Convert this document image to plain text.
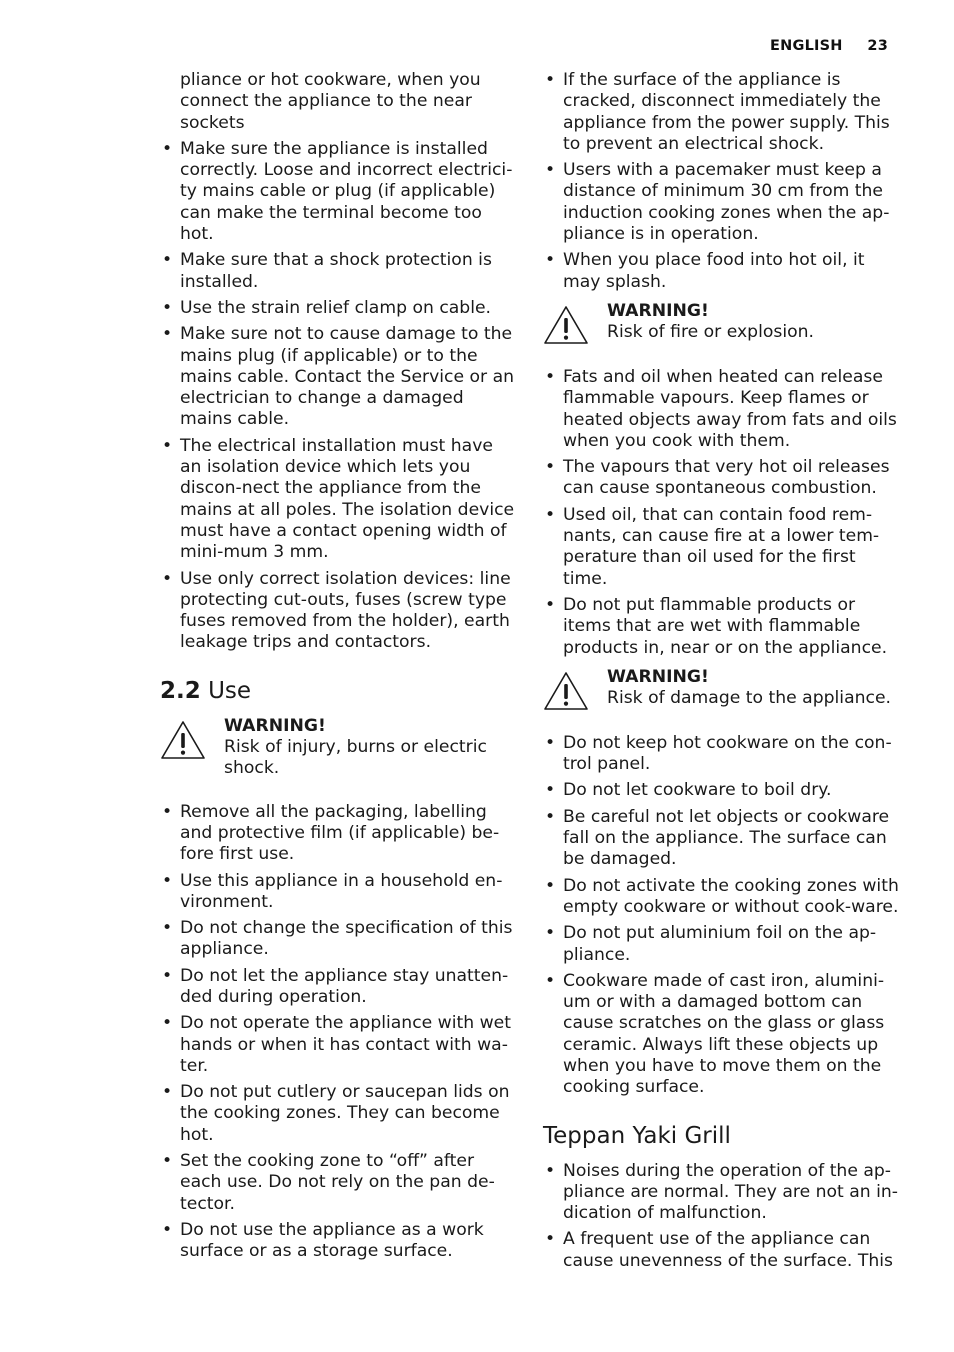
ENGLISH 23
pliance or hot cookware, when you connect the appliance to the near sockets
• Make sure the appliance is installed correctly. Loose and incorrect electrici-ty mains cable or plug (if applicable) can make the terminal become too hot.
• Make sure that a shock protection is installed.
• Use the strain relief clamp on cable.
• Make sure not to cause damage to the mains plug (if applicable) or to the mains cable. Contact the Service or an electrician to change a damaged mains cable.
• The electrical installation must have an isolation device which lets you discon-nect the appliance from the mains at all poles. The isolation device must have a contact opening width of mini-mum 3 mm.
• Use only correct isolation devices: line protecting cut-outs, fuses (screw type fuses removed from the holder), earth leakage trips and contactors.
2.2 Use
WARNING!
Risk of injury, burns or electric shock.
• Remove all the packaging, labelling and protective film (if applicable) be-fore first use.
• Use this appliance in a household en-vironment.
• Do not change the specification of this appliance.
• Do not let the appliance stay unatten-ded during operation.
• Do not operate the appliance with wet hands or when it has contact with wa-ter.
• Do not put cutlery or saucepan lids on the cooking zones. They can become hot.
• Set the cooking zone to “off” after each use. Do not rely on the pan de-tector.
• Do not use the appliance as a work surface or as a storage surface.
• If the surface of the appliance is cracked, disconnect immediately the appliance from the power supply. This to prevent an electrical shock.
• Users with a pacemaker must keep a distance of minimum 30 cm from the induction cooking zones when the ap-pliance is in operation.
• When you place food into hot oil, it may splash.
WARNING!
Risk of fire or explosion.
• Fats and oil when heated can release flammable vapours. Keep flames or heated objects away from fats and oils when you cook with them.
• The vapours that very hot oil releases can cause spontaneous combustion.
• Used oil, that can contain food rem-nants, can cause fire at a lower tem-perature than oil used for the first time.
• Do not put flammable products or items that are wet with flammable products in, near or on the appliance.
WARNING!
Risk of damage to the appliance.
• Do not keep hot cookware on the con-trol panel.
• Do not let cookware to boil dry.
• Be careful not let objects or cookware fall on the appliance. The surface can be damaged.
• Do not activate the cooking zones with empty cookware or without cook-ware.
• Do not put aluminium foil on the ap-pliance.
• Cookware made of cast iron, alumini-um or with a damaged bottom can cause scratches on the glass or glass ceramic. Always lift these objects up when you have to move them on the cooking surface.
Teppan Yaki Grill
• Noises during the operation of the ap-pliance are normal. They are not an in-dication of malfunction.
• A frequent use of the appliance can cause unevenness of the surface. This
